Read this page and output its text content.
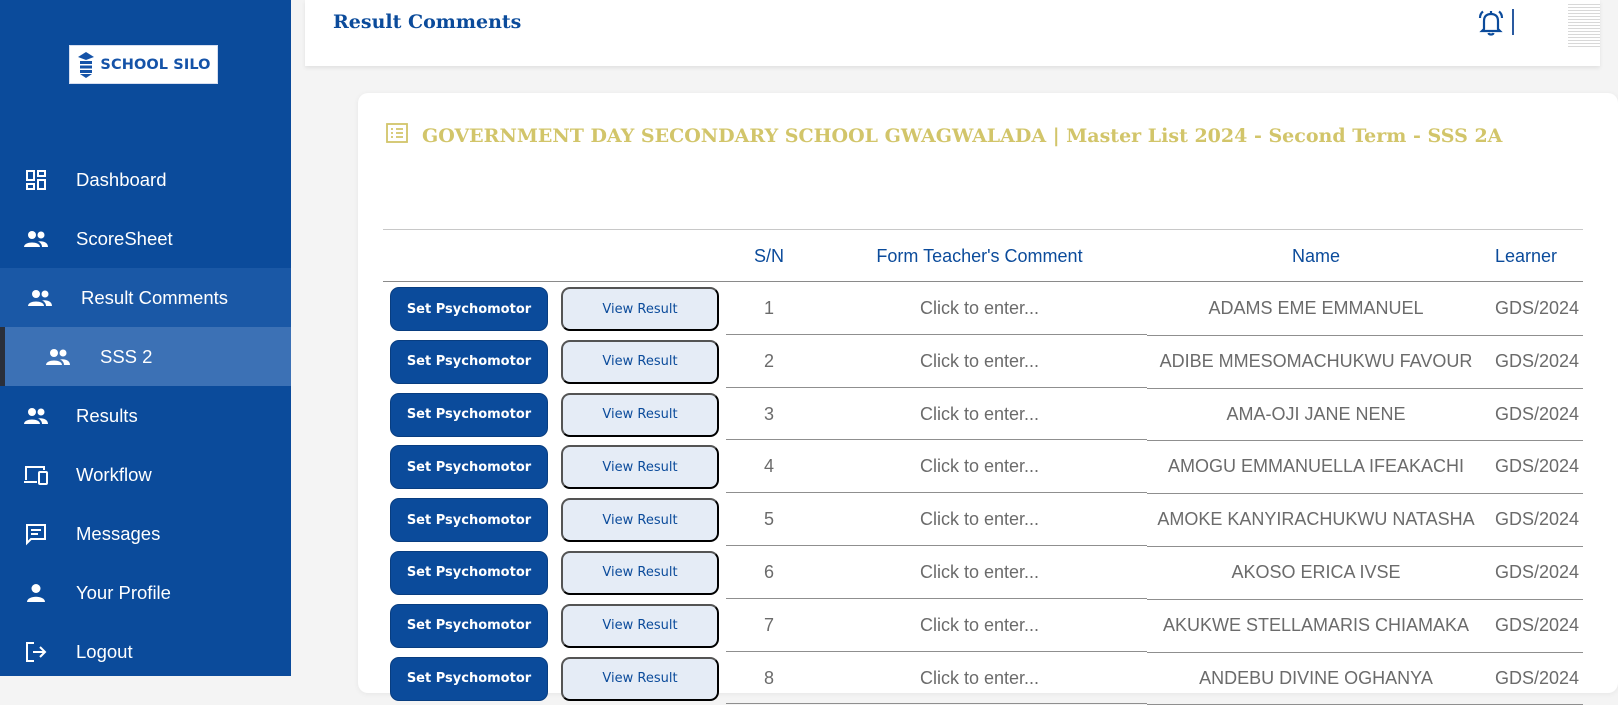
SCHOOL SILO
Dashboard
ScoreSheet
Result Comments
SSS 2
Results
Workflow
Messages
Your Profile
Logout
Result Comments
GOVERNMENT DAY SECONDARY SCHOOL GWAGWALADA | Master List 2024 - Second Term - SSS 2A
S/N	Form Teacher's Comment	Name	Learner
Set Psychomotor	View Result	1	Click to enter...	ADAMS EME EMMANUEL	GDS/2024
Set Psychomotor	View Result	2	Click to enter...	ADIBE MMESOMACHUKWU FAVOUR	GDS/2024
Set Psychomotor	View Result	3	Click to enter...	AMA-OJI JANE NENE	GDS/2024
Set Psychomotor	View Result	4	Click to enter...	AMOGU EMMANUELLA IFEAKACHI	GDS/2024
Set Psychomotor	View Result	5	Click to enter...	AMOKE KANYIRACHUKWU NATASHA	GDS/2024
Set Psychomotor	View Result	6	Click to enter...	AKOSO ERICA IVSE	GDS/2024
Set Psychomotor	View Result	7	Click to enter...	AKUKWE STELLAMARIS CHIAMAKA	GDS/2024
Set Psychomotor	View Result	8	Click to enter...	ANDEBU DIVINE OGHANYA	GDS/2024
